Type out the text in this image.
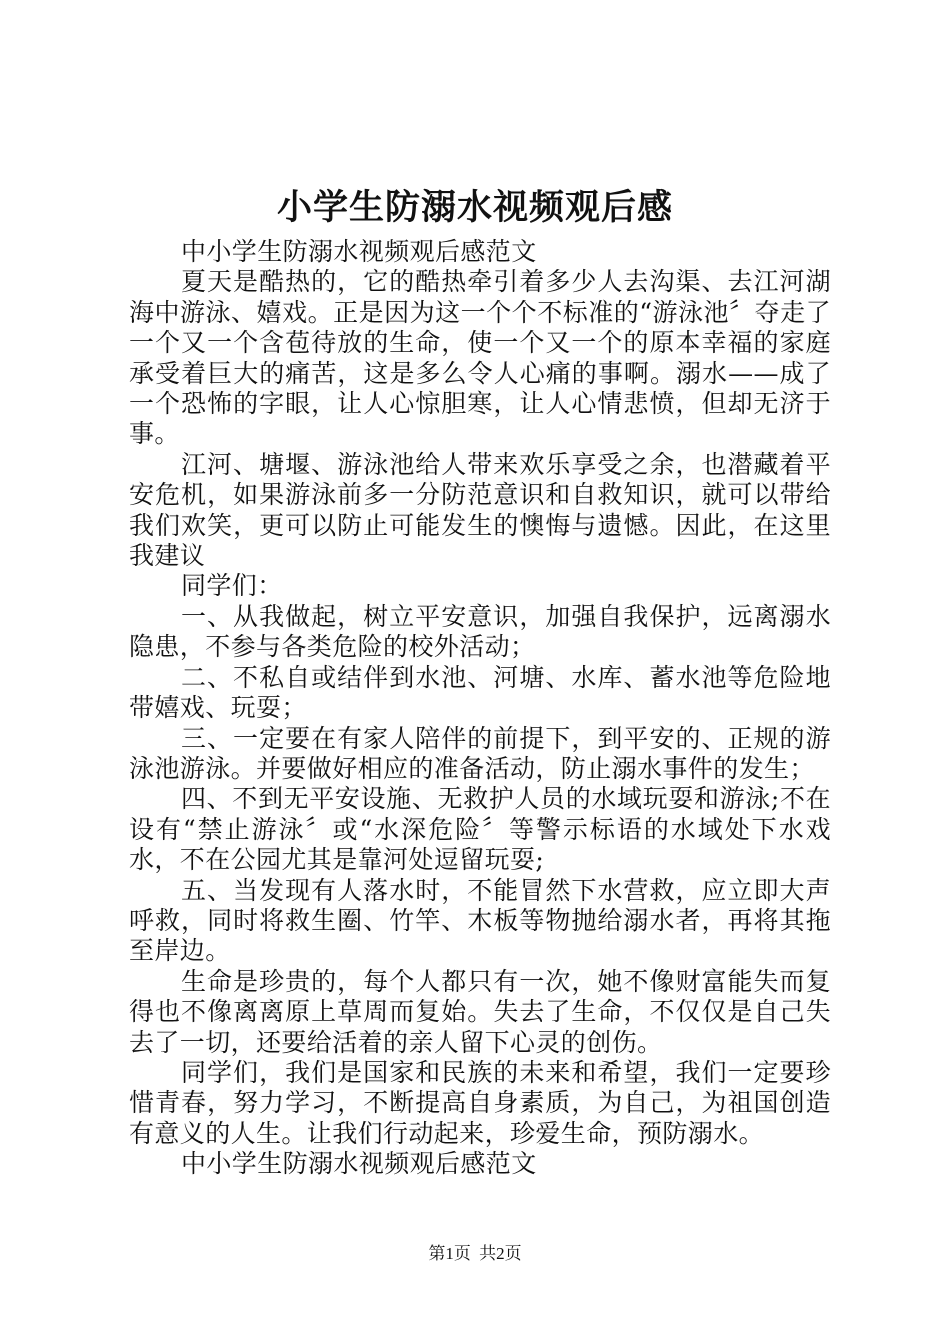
小学生防溺水视频观后感

中小学生防溺水视频观后感范文

夏天是酷热的，它的酷热牵引着多少人去沟渠、去江河湖海中游泳、嬉戏。正是因为这一个个不标准的“游泳池〞夺走了一个又一个含苞待放的生命，使一个又一个的原本幸福的家庭承受着巨大的痛苦，这是多么令人心痛的事啊。溺水——成了一个恐怖的字眼，让人心惊胆寒，让人心情悲愤，但却无济于事。

江河、塘堰、游泳池给人带来欢乐享受之余，也潜藏着平安危机，如果游泳前多一分防范意识和自救知识，就可以带给我们欢笑，更可以防止可能发生的懊悔与遗憾。因此，在这里我建议

同学们：

一、从我做起，树立平安意识，加强自我保护，远离溺水隐患，不参与各类危险的校外活动；

二、不私自或结伴到水池、河塘、水库、蓄水池等危险地带嬉戏、玩耍；

三、一定要在有家人陪伴的前提下，到平安的、正规的游泳池游泳。并要做好相应的准备活动，防止溺水事件的发生；

四、不到无平安设施、无救护人员的水域玩耍和游泳;不在设有“禁止游泳〞或“水深危险〞等警示标语的水域处下水戏水，不在公园尤其是靠河处逗留玩耍;

五、当发现有人落水时，不能冒然下水营救，应立即大声呼救，同时将救生圈、竹竿、木板等物抛给溺水者，再将其拖至岸边。

生命是珍贵的，每个人都只有一次，她不像财富能失而复得也不像离离原上草周而复始。失去了生命，不仅仅是自己失去了一切，还要给活着的亲人留下心灵的创伤。

同学们，我们是国家和民族的未来和希望，我们一定要珍惜青春，努力学习，不断提高自身素质，为自己，为祖国创造有意义的人生。让我们行动起来，珍爱生命，预防溺水。

中小学生防溺水视频观后感范文

第1页 共2页
